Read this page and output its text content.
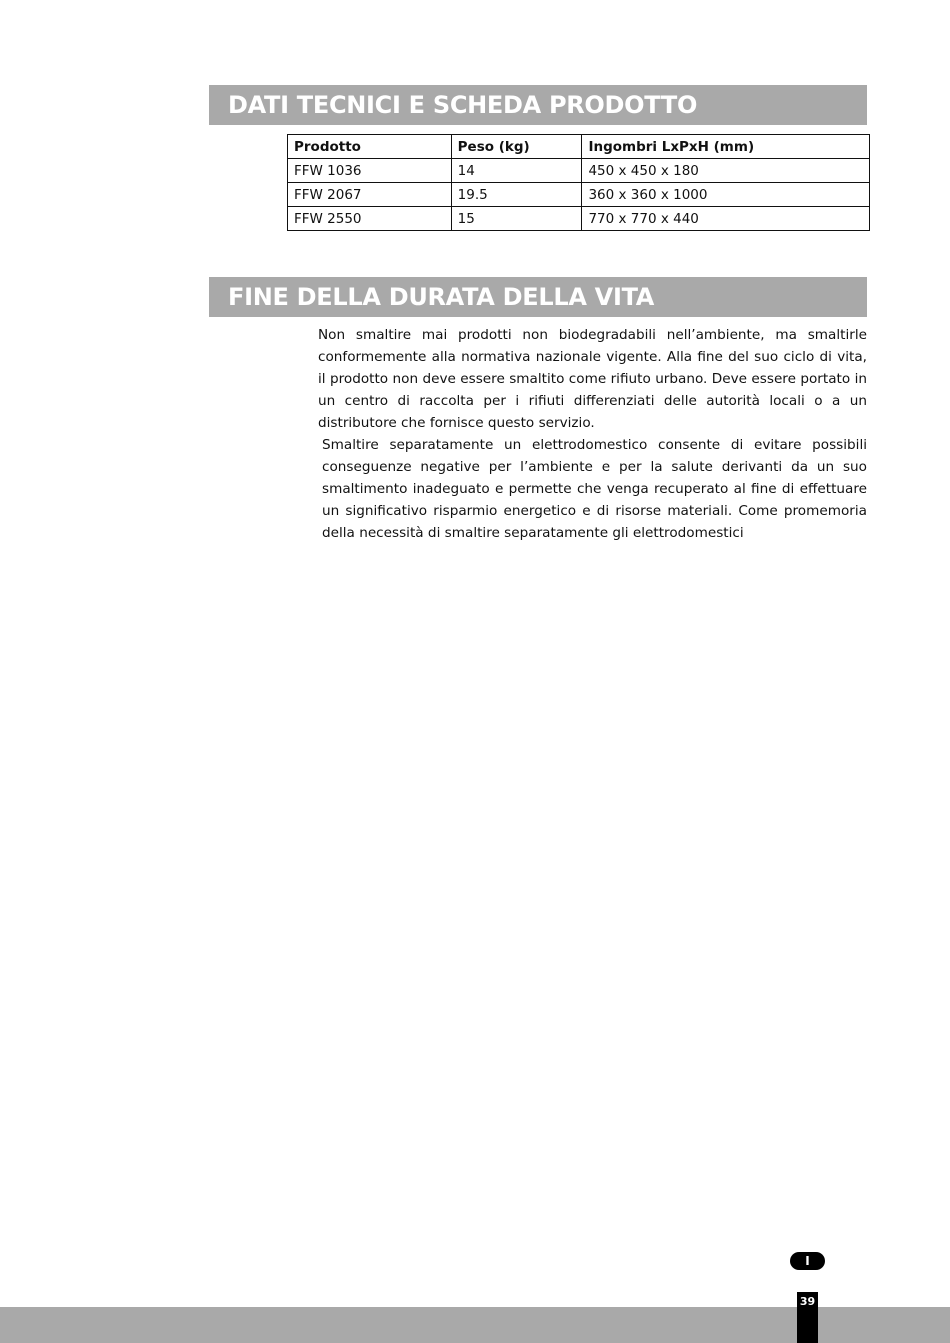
DATI TECNICI E SCHEDA PRODOTTO
Prodotto	Peso (kg)	Ingombri LxPxH (mm)
FFW 1036	14	450 x 450 x 180
FFW 2067	19.5	360 x 360 x 1000
FFW 2550	15	770 x 770 x 440
FINE DELLA DURATA DELLA VITA

Non smaltire mai prodotti non biodegradabili nell’ambiente, ma smaltirle conformemente alla normativa nazionale vigente. Alla fine del suo ciclo di vita, il prodotto non deve essere smaltito come rifiuto urbano. Deve essere portato in un centro di raccolta per i rifiuti differenziati delle autorità locali o a un distributore che fornisce questo servizio.

Smaltire separatamente un elettrodomestico consente di evitare possibili conseguenze negative per l’ambiente e per la salute derivanti da un suo smaltimento inadeguato e permette che venga recuperato al fine di effettuare un significativo risparmio energetico e di risorse materiali. Come promemoria della necessità di smaltire separatamente gli elettrodomestici

I
39
